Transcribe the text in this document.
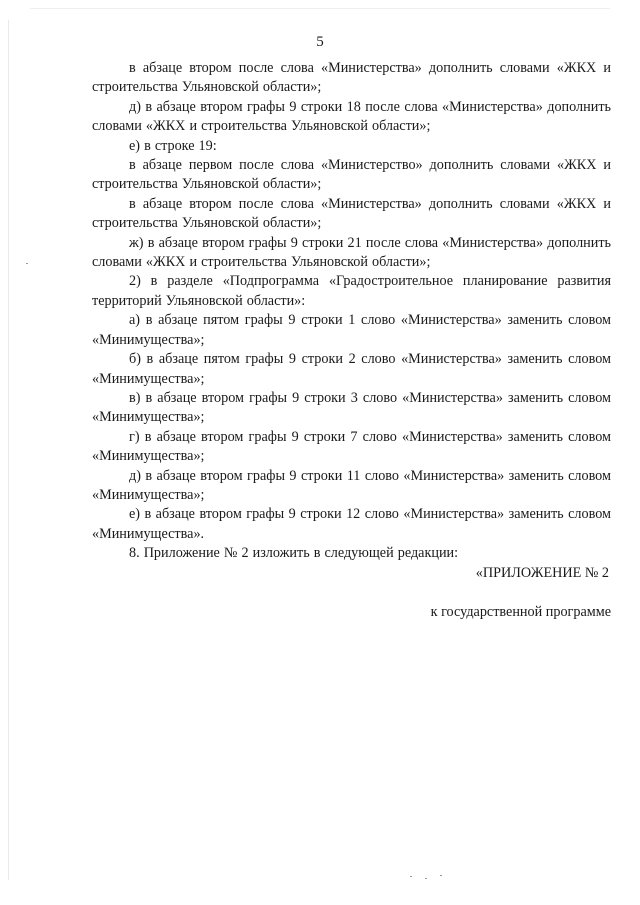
5

в абзаце втором после слова «Министерства» дополнить словами «ЖКХ и строительства Ульяновской области»;

д) в абзаце втором графы 9 строки 18 после слова «Министерства» дополнить словами «ЖКХ и строительства Ульяновской области»;

е) в строке 19:

в абзаце первом после слова «Министерство» дополнить словами «ЖКХ и строительства Ульяновской области»;

в абзаце втором после слова «Министерства» дополнить словами «ЖКХ и строительства Ульяновской области»;

ж) в абзаце втором графы 9 строки 21 после слова «Министерства» дополнить словами «ЖКХ и строительства Ульяновской области»;

2) в разделе «Подпрограмма «Градостроительное планирование развития территорий Ульяновской области»:

а) в абзаце пятом графы 9 строки 1 слово «Министерства» заменить словом «Минимущества»;

б) в абзаце пятом графы 9 строки 2 слово «Министерства» заменить словом «Минимущества»;

в) в абзаце втором графы 9 строки 3 слово «Министерства» заменить словом «Минимущества»;

г) в абзаце втором графы 9 строки 7 слово «Министерства» заменить словом «Минимущества»;

д) в абзаце втором графы 9 строки 11 слово «Министерства» заменить словом «Минимущества»;

е) в абзаце втором графы 9 строки 12 слово «Министерства» заменить словом «Минимущества».

8. Приложение № 2 изложить в следующей редакции:

«ПРИЛОЖЕНИЕ № 2

к государственной программе
